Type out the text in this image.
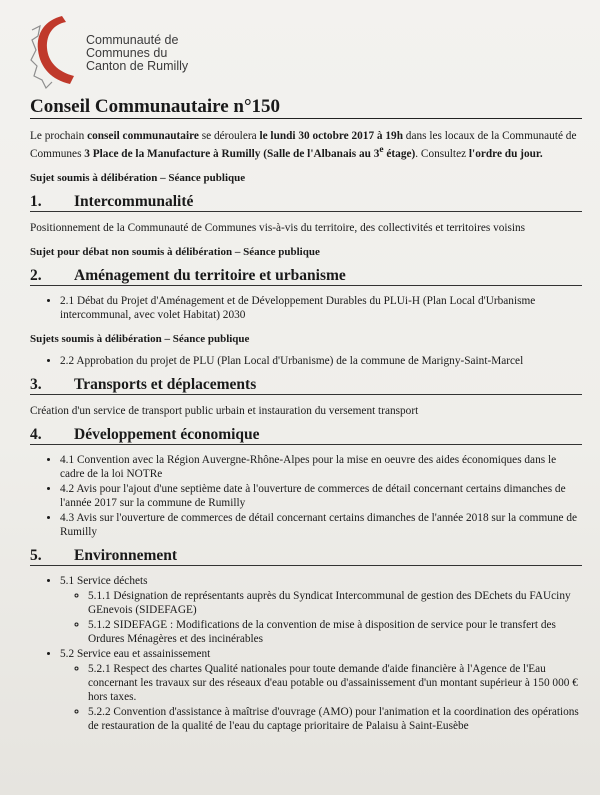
Communauté de
Communes du
Canton de Rumilly
Conseil Communautaire n°150

Le prochain conseil communautaire se déroulera le lundi 30 octobre 2017 à 19h dans les locaux de la Communauté de Communes 3 Place de la Manufacture à Rumilly (Salle de l'Albanais au 3e étage). Consultez l'ordre du jour.

Sujet soumis à délibération – Séance publique
1. Intercommunalité

Positionnement de la Communauté de Communes vis-à-vis du territoire, des collectivités et territoires voisins

Sujet pour débat non soumis à délibération – Séance publique
2. Aménagement du territoire et urbanisme
• 2.1 Débat du Projet d'Aménagement et de Développement Durables du PLUi-H (Plan Local d'Urbanisme intercommunal, avec volet Habitat) 2030
Sujets soumis à délibération – Séance publique
• 2.2 Approbation du projet de PLU (Plan Local d'Urbanisme) de la commune de Marigny-Saint-Marcel
3. Transports et déplacements

Création d'un service de transport public urbain et instauration du versement transport

4. Développement économique
• 4.1 Convention avec la Région Auvergne-Rhône-Alpes pour la mise en oeuvre des aides économiques dans le cadre de la loi NOTRe
• 4.2 Avis pour l'ajout d'une septième date à l'ouverture de commerces de détail concernant certains dimanches de l'année 2017 sur la commune de Rumilly
• 4.3 Avis sur l'ouverture de commerces de détail concernant certains dimanches de l'année 2018 sur la commune de Rumilly
5. Environnement
• 5.1 Service déchets
◦ 5.1.1 Désignation de représentants auprès du Syndicat Intercommunal de gestion des DEchets du FAUciny GEnevois (SIDEFAGE)
◦ 5.1.2 SIDEFAGE : Modifications de la convention de mise à disposition de service pour le transfert des Ordures Ménagères et des incinérables
• 5.2 Service eau et assainissement
◦ 5.2.1 Respect des chartes Qualité nationales pour toute demande d'aide financière à l'Agence de l'Eau concernant les travaux sur des réseaux d'eau potable ou d'assainissement d'un montant supérieur à 150 000 € hors taxes.
◦ 5.2.2 Convention d'assistance à maîtrise d'ouvrage (AMO) pour l'animation et la coordination des opérations de restauration de la qualité de l'eau du captage prioritaire de Palaisu à Saint-Eusèbe
